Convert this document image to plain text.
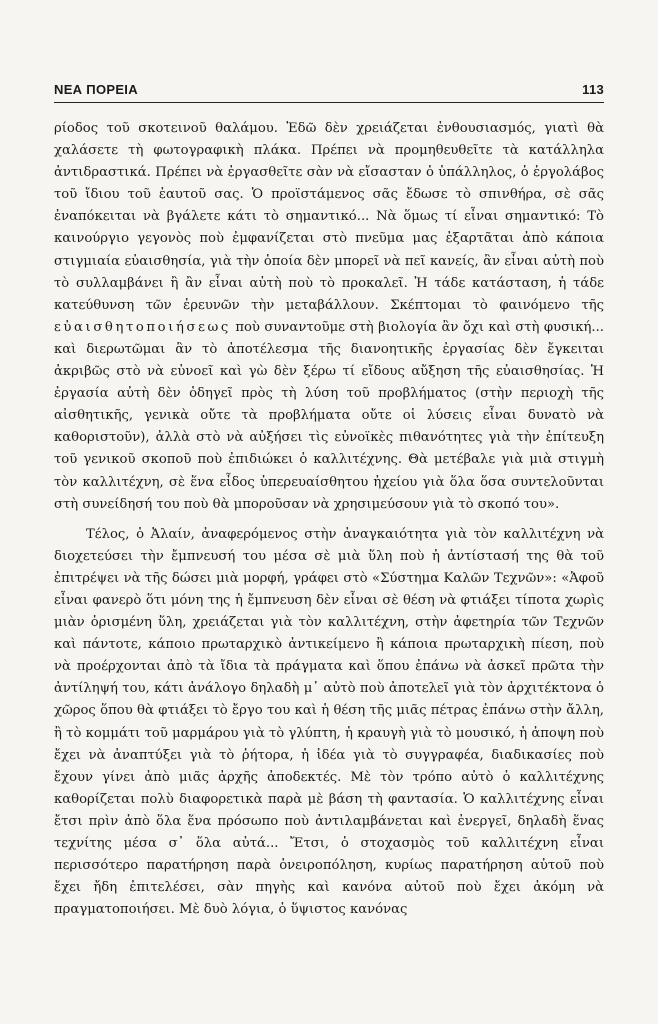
ΝΕΑ ΠΟΡΕΙΑ	113

ρίοδος τοῦ σκοτεινοῦ θαλάμου. Ἐδῶ δὲν χρειάζεται ἐνθουσιασμός, γιατὶ θὰ χαλάσετε τὴ φωτογραφικὴ πλάκα. Πρέπει νὰ προμηθευθεῖτε τὰ κατάλληλα ἀντιδραστικά. Πρέπει νὰ ἐργασθεῖτε σὰν νὰ εἴσασταν ὁ ὑπάλληλος, ὁ ἐργολάβος τοῦ ἴδιου τοῦ ἑαυτοῦ σας. Ὁ προϊστάμενος σᾶς ἔδωσε τὸ σπινθήρα, σὲ σᾶς ἐναπόκειται νὰ βγάλετε κάτι τὸ σημαντικό... Νὰ ὅμως τί εἶναι σημαντικό: Τὸ καινούργιο γεγονὸς ποὺ ἐμφανίζεται στὸ πνεῦμα μας ἐξαρτᾶται ἀπὸ κάποια στιγμιαία εὐαισθησία, γιὰ τὴν ὁποία δὲν μπορεῖ νὰ πεῖ κανείς, ἂν εἶναι αὐτὴ ποὺ τὸ συλλαμβάνει ἢ ἂν εἶναι αὐτὴ ποὺ τὸ προκαλεῖ. Ἡ τάδε κατάσταση, ἡ τάδε κατεύθυνση τῶν ἐρευνῶν τὴν μεταβάλλουν. Σκέπτομαι τὸ φαινόμενο τῆς εὐαισθητοποιήσεως ποὺ συναντοῦμε στὴ βιολογία ἂν ὄχι καὶ στὴ φυσική... καὶ διερωτῶμαι ἂν τὸ ἀποτέλεσμα τῆς διανοητικῆς ἐργασίας δὲν ἔγκειται ἀκριβῶς στὸ νὰ εὐνοεῖ καὶ γὼ δὲν ξέρω τί εἴδους αὔξηση τῆς εὐαισθησίας. Ἡ ἐργασία αὐτὴ δὲν ὁδηγεῖ πρὸς τὴ λύση τοῦ προβλήματος (στὴν περιοχὴ τῆς αἰσθητικῆς, γενικὰ οὔτε τὰ προβλήματα οὔτε οἱ λύσεις εἶναι δυνατὸ νὰ καθοριστοῦν), ἀλλὰ στὸ νὰ αὐξήσει τὶς εὐνοϊκὲς πιθανότητες γιὰ τὴν ἐπίτευξη τοῦ γενικοῦ σκοποῦ ποὺ ἐπιδιώκει ὁ καλλιτέχνης. Θὰ μετέβαλε γιὰ μιὰ στιγμὴ τὸν καλλιτέχνη, σὲ ἕνα εἶδος ὑπερευαίσθητου ἠχείου γιὰ ὅλα ὅσα συντελοῦνται στὴ συνείδησή του ποὺ θὰ μποροῦσαν νὰ χρησιμεύσουν γιὰ τὸ σκοπό του».

Τέλος, ὁ Ἀλαίν, ἀναφερόμενος στὴν ἀναγκαιότητα γιὰ τὸν καλλιτέχνη νὰ διοχετεύσει τὴν ἔμπνευσή του μέσα σὲ μιὰ ὕλη ποὺ ἡ ἀντίστασή της θὰ τοῦ ἐπιτρέψει νὰ τῆς δώσει μιὰ μορφή, γράφει στὸ «Σύστημα Καλῶν Τεχνῶν»: «Ἀφοῦ εἶναι φανερὸ ὅτι μόνη της ἡ ἔμπνευση δὲν εἶναι σὲ θέση νὰ φτιάξει τίποτα χωρὶς μιὰν ὁρισμένη ὕλη, χρειάζεται γιὰ τὸν καλλιτέχνη, στὴν ἀφετηρία τῶν Τεχνῶν καὶ πάντοτε, κάποιο πρωταρχικὸ ἀντικείμενο ἢ κάποια πρωταρχικὴ πίεση, ποὺ νὰ προέρχονται ἀπὸ τὰ ἴδια τὰ πράγματα καὶ ὅπου ἐπάνω νὰ ἀσκεῖ πρῶτα τὴν ἀντίληψή του, κάτι ἀνάλογο δηλαδὴ μ᾽ αὐτὸ ποὺ ἀποτελεῖ γιὰ τὸν ἀρχιτέκτονα ὁ χῶρος ὅπου θὰ φτιάξει τὸ ἔργο του καὶ ἡ θέση τῆς μιᾶς πέτρας ἐπάνω στὴν ἄλλη, ἢ τὸ κομμάτι τοῦ μαρμάρου γιὰ τὸ γλύπτη, ἡ κραυγὴ γιὰ τὸ μουσικό, ἡ ἀποψη ποὺ ἔχει νὰ ἀναπτύξει γιὰ τὸ ῥήτορα, ἡ ἰδέα γιὰ τὸ συγγραφέα, διαδικασίες ποὺ ἔχουν γίνει ἀπὸ μιᾶς ἀρχῆς ἀποδεκτές. Μὲ τὸν τρόπο αὐτὸ ὁ καλλιτέχνης καθορίζεται πολὺ διαφορετικὰ παρὰ μὲ βάση τὴ φαντασία. Ὁ καλλιτέχνης εἶναι ἔτσι πρὶν ἀπὸ ὅλα ἕνα πρόσωπο ποὺ ἀντιλαμβάνεται καὶ ἐνεργεῖ, δηλαδὴ ἕνας τεχνίτης μέσα σ᾽ ὅλα αὐτά... Ἔτσι, ὁ στοχασμὸς τοῦ καλλιτέχνη εἶναι περισσότερο παρατήρηση παρὰ ὀνειροπόληση, κυρίως παρατήρηση αὐτοῦ ποὺ ἔχει ἤδη ἐπιτελέσει, σὰν πηγὴς καὶ κανόνα αὐτοῦ ποὺ ἔχει ἀκόμη νὰ πραγματοποιήσει. Μὲ δυὸ λόγια, ὁ ὕψιστος κανόνας
